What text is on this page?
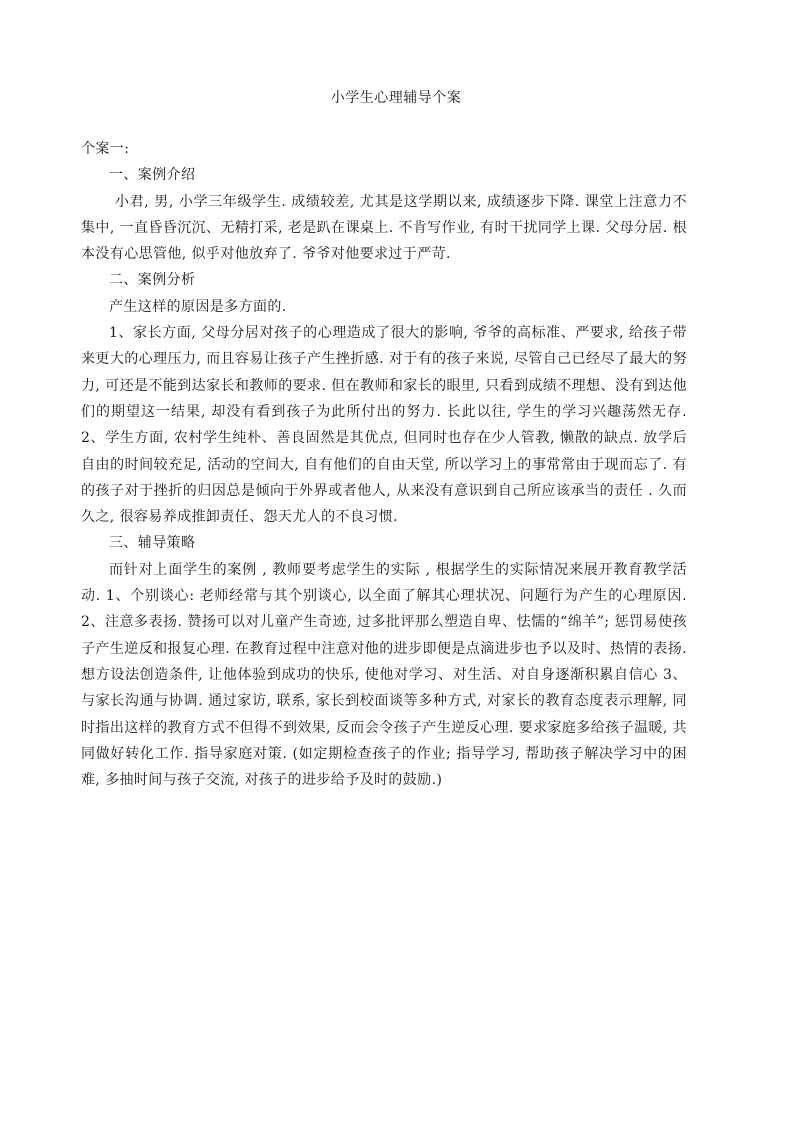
小学生心理辅导个案

个案一:

一、案例介绍

小君, 男, 小学三年级学生. 成绩较差, 尤其是这学期以来, 成绩逐步下降. 课堂上注意力不集中, 一直昏昏沉沉、无精打采, 老是趴在课桌上. 不肯写作业, 有时干扰同学上课. 父母分居. 根本没有心思管他, 似乎对他放弃了. 爷爷对他要求过于严苛.

二、案例分析

产生这样的原因是多方面的.

1、家长方面, 父母分居对孩子的心理造成了很大的影响, 爷爷的高标准、严要求, 给孩子带来更大的心理压力, 而且容易让孩子产生挫折感. 对于有的孩子来说, 尽管自己已经尽了最大的努力, 可还是不能到达家长和教师的要求. 但在教师和家长的眼里, 只看到成绩不理想、没有到达他们的期望这一结果, 却没有看到孩子为此所付出的努力. 长此以往, 学生的学习兴趣荡然无存. 2、学生方面, 农村学生纯朴、善良固然是其优点, 但同时也存在少人管教, 懒散的缺点. 放学后自由的时间较充足, 活动的空间大, 自有他们的自由天堂, 所以学习上的事常常由于现而忘了. 有的孩子对于挫折的归因总是倾向于外界或者他人, 从来没有意识到自己所应该承当的责任 . 久而久之, 很容易养成推卸责任、怨天尤人的不良习惯.

三、辅导策略

而针对上面学生的案例 , 教师要考虑学生的实际 , 根据学生的实际情况来展开教育教学活动. 1、个别谈心: 老师经常与其个别谈心, 以全面了解其心理状况、问题行为产生的心理原因. 2、注意多表扬. 赞扬可以对儿童产生奇迹, 过多批评那么塑造自卑、怯懦的“绵羊”; 惩罚易使孩子产生逆反和报复心理. 在教育过程中注意对他的进步即便是点滴进步也予以及时、热情的表扬. 想方设法创造条件, 让他体验到成功的快乐, 使他对学习、对生活、对自身逐渐积累自信心 3、与家长沟通与协调. 通过家访, 联系, 家长到校面谈等多种方式, 对家长的教育态度表示理解, 同时指出这样的教育方式不但得不到效果, 反而会令孩子产生逆反心理. 要求家庭多给孩子温暖, 共同做好转化工作. 指导家庭对策. (如定期检查孩子的作业; 指导学习, 帮助孩子解决学习中的困难, 多抽时间与孩子交流, 对孩子的进步给予及时的鼓励.)
